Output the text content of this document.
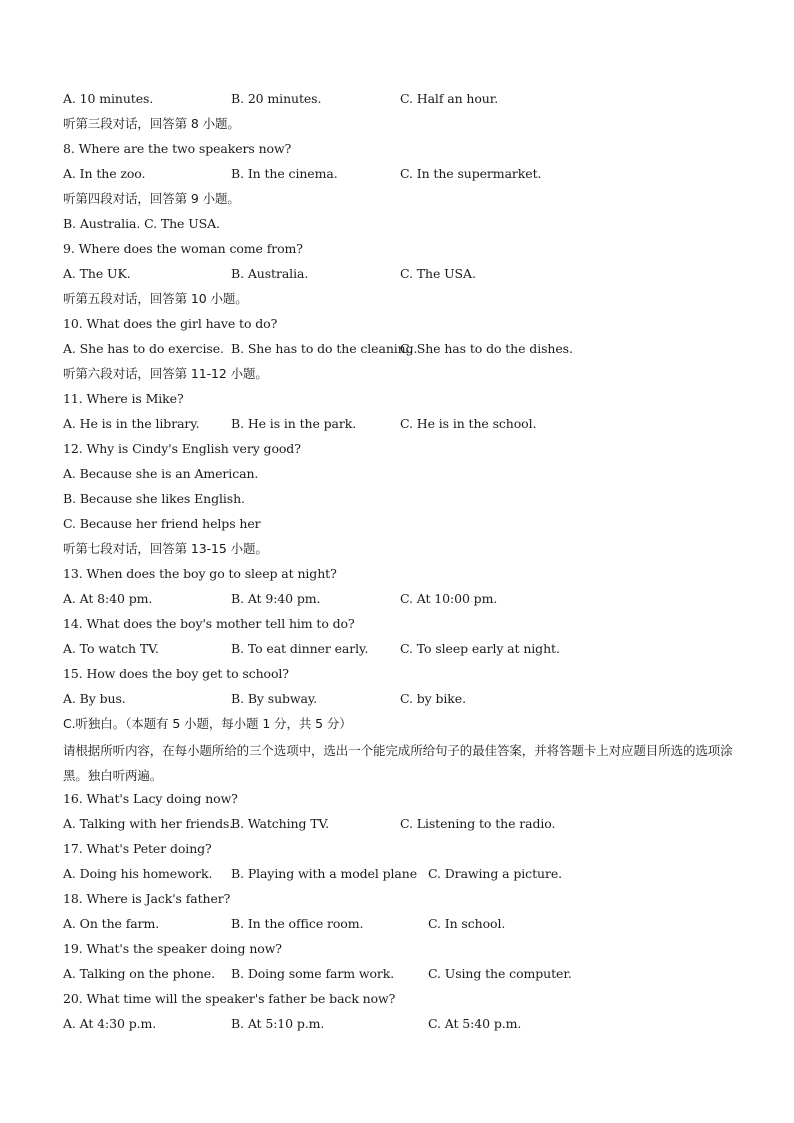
A. 10 minutes.	B. 20 minutes.	C. Half an hour.
听第三段对话，回答第 8 小题。
8. Where are the two speakers now?
A. In the zoo.	B. In the cinema.	C. In the supermarket.
听第四段对话，回答第 9 小题。
B. Australia. C. The USA.
9. Where does the woman come from?
A. The UK.	B. Australia.	C. The USA.
听第五段对话，回答第 10 小题。
10. What does the girl have to do?
A. She has to do exercise. B. She has to do the cleaning.
C. She has to do the dishes.
听第六段对话，回答第 11-12 小题。
11. Where is Mike?
A. He is in the library.	B. He is in the park.	C. He is in the school.
12. Why is Cindy's English very good?
A. Because she is an American.
B. Because she likes English.
C. Because her friend helps her
听第七段对话，回答第 13-15 小题。
13. When does the boy go to sleep at night?
A. At 8:40 pm.	B. At 9:40 pm.	C. At 10:00 pm.
14. What does the boy's mother tell him to do?
A. To watch TV.	B. To eat dinner early.	C. To sleep early at night.
15. How does the boy get to school?
A. By bus.	B. By subway.	C. by bike.
C.听独白。（本题有 5 小题，每小题 1 分，共 5 分）
请根据所听内容，在每小题所给的三个选项中，选出一个能完成所给句子的最佳答案，并将答题卡上对应题目所选的选项涂黑。独白听两遍。
16. What's Lacy doing now?
A. Talking with her friends.
B. Watching TV.	C. Listening to the radio.
17. What's Peter doing?
A. Doing his homework. B. Playing with a model plane C. Drawing a picture.
18. Where is Jack's father?
A. On the farm.	B. In the office room.	C. In school.
19. What's the speaker doing now?
A. Talking on the phone. B. Doing some farm work.	C. Using the computer.
20. What time will the speaker's father be back now?
A. At 4:30 p.m.	B. At 5:10 p.m.	C. At 5:40 p.m.
